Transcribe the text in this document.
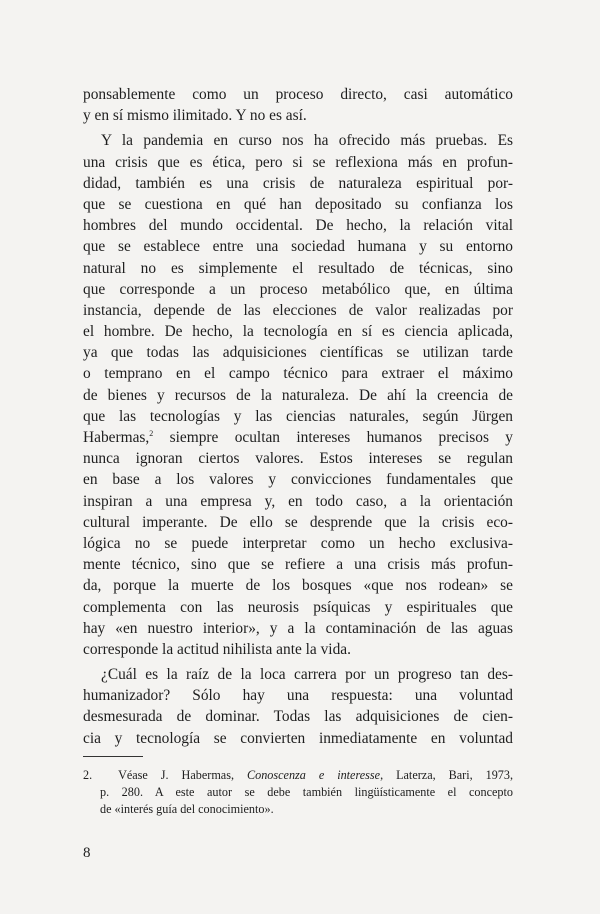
ponsablemente como un proceso directo, casi automático
y en sí mismo ilimitado. Y no es así.
Y la pandemia en curso nos ha ofrecido más pruebas. Es
una crisis que es ética, pero si se reflexiona más en profun-
didad, también es una crisis de naturaleza espiritual por-
que se cuestiona en qué han depositado su confianza los
hombres del mundo occidental. De hecho, la relación vital
que se establece entre una sociedad humana y su entorno
natural no es simplemente el resultado de técnicas, sino
que corresponde a un proceso metabólico que, en última
instancia, depende de las elecciones de valor realizadas por
el hombre. De hecho, la tecnología en sí es ciencia aplicada,
ya que todas las adquisiciones científicas se utilizan tarde
o temprano en el campo técnico para extraer el máximo
de bienes y recursos de la naturaleza. De ahí la creencia de
que las tecnologías y las ciencias naturales, según Jürgen
Habermas,$^2$ siempre ocultan intereses humanos precisos y
nunca ignoran ciertos valores. Estos intereses se regulan
en base a los valores y convicciones fundamentales que
inspiran a una empresa y, en todo caso, a la orientación
cultural imperante. De ello se desprende que la crisis eco-
lógica no se puede interpretar como un hecho exclusiva-
mente técnico, sino que se refiere a una crisis más profun-
da, porque la muerte de los bosques «que nos rodean» se
complementa con las neurosis psíquicas y espirituales que
hay «en nuestro interior», y a la contaminación de las aguas
corresponde la actitud nihilista ante la vida.
¿Cuál es la raíz de la loca carrera por un progreso tan des-
humanizador? Sólo hay una respuesta: una voluntad
desmesurada de dominar. Todas las adquisiciones de cien-
cia y tecnología se convierten inmediatamente en voluntad
2. Véase J. Habermas, Conoscenza e interesse, Laterza, Bari, 1973,
p. 280. A este autor se debe también lingüísticamente el concepto
de «interés guía del conocimiento».
8
